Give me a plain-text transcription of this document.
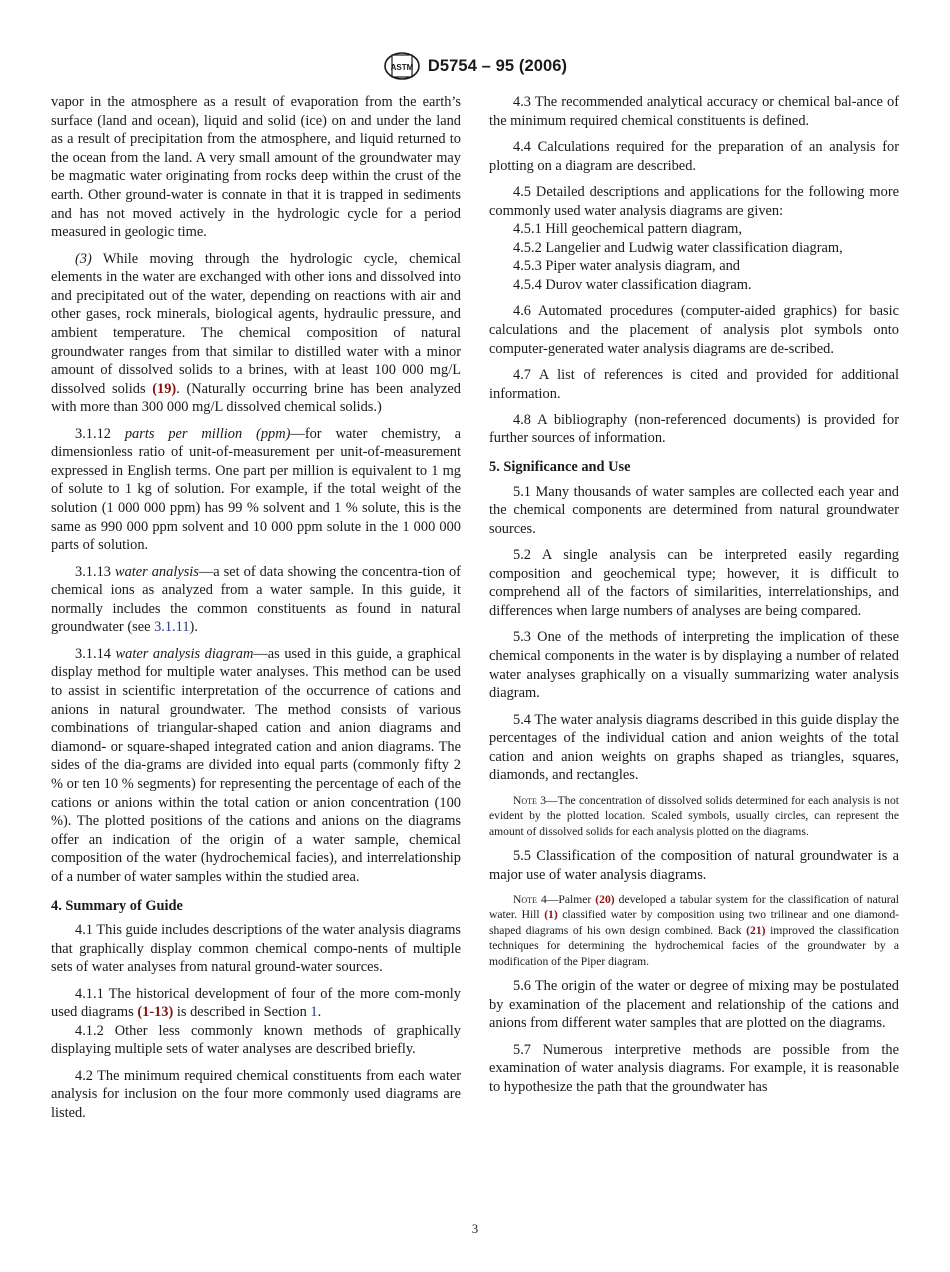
ASTM D5754 – 95 (2006)

vapor in the atmosphere as a result of evaporation from the earth’s surface (land and ocean), liquid and solid (ice) on and under the land as a result of precipitation from the atmosphere, and liquid returned to the ocean from the land. A very small amount of the groundwater may be magmatic water originating from rocks deep within the crust of the earth. Other ground-water is connate in that it is trapped in sediments and has not moved actively in the hydrologic cycle for a period measured in geologic time.

(3) While moving through the hydrologic cycle, chemical elements in the water are exchanged with other ions and dissolved into and precipitated out of the water, depending on reactions with air and other gases, rock minerals, biological agents, hydraulic pressure, and ambient temperature. The chemical composition of natural groundwater ranges from that similar to distilled water with a minor amount of dissolved solids to a brines, with at least 100 000 mg/L dissolved solids (19). (Naturally occurring brine has been analyzed with more than 300 000 mg/L dissolved chemical solids.)

3.1.12 parts per million (ppm)—for water chemistry, a dimensionless ratio of unit-of-measurement per unit-of-measurement expressed in English terms. One part per million is equivalent to 1 mg of solute to 1 kg of solution. For example, if the total weight of the solution (1 000 000 ppm) has 99 % solvent and 1 % solute, this is the same as 990 000 ppm solvent and 10 000 ppm solute in the 1 000 000 parts of solution.

3.1.13 water analysis—a set of data showing the concentra-tion of chemical ions as analyzed from a water sample. In this guide, it normally includes the common constituents as found in natural groundwater (see 3.1.11).

3.1.14 water analysis diagram—as used in this guide, a graphical display method for multiple water analyses. This method can be used to assist in scientific interpretation of the occurrence of cations and anions in natural groundwater. The method consists of various combinations of triangular-shaped cation and anion diagrams and diamond- or square-shaped integrated cation and anion diagrams. The sides of the dia-grams are divided into equal parts (commonly fifty 2 % or ten 10 % segments) for representing the percentage of each of the cations or anions within the total cation or anion concentration (100 %). The plotted positions of the cations and anions on the diagrams offer an indication of the origin of a water sample, chemical composition of the water (hydrochemical facies), and interrelationship of a number of water samples within the studied area.

4. Summary of Guide

4.1 This guide includes descriptions of the water analysis diagrams that graphically display common chemical compo-nents of multiple sets of water analyses from natural ground-water sources.

4.1.1 The historical development of four of the more com-monly used diagrams (1-13) is described in Section 1.

4.1.2 Other less commonly known methods of graphically displaying multiple sets of water analyses are described briefly.

4.2 The minimum required chemical constituents from each water analysis for inclusion on the four more commonly used diagrams are listed.

4.3 The recommended analytical accuracy or chemical bal-ance of the minimum required chemical constituents is defined.

4.4 Calculations required for the preparation of an analysis for plotting on a diagram are described.

4.5 Detailed descriptions and applications for the following more commonly used water analysis diagrams are given:

4.5.1 Hill geochemical pattern diagram,

4.5.2 Langelier and Ludwig water classification diagram,

4.5.3 Piper water analysis diagram, and

4.5.4 Durov water classification diagram.

4.6 Automated procedures (computer-aided graphics) for basic calculations and the placement of analysis plot symbols onto computer-generated water analysis diagrams are de-scribed.

4.7 A list of references is cited and provided for additional information.

4.8 A bibliography (non-referenced documents) is provided for further sources of information.

5. Significance and Use

5.1 Many thousands of water samples are collected each year and the chemical components are determined from natural groundwater sources.

5.2 A single analysis can be interpreted easily regarding composition and geochemical type; however, it is difficult to comprehend all of the factors of similarities, interrelationships, and differences when large numbers of analyses are being compared.

5.3 One of the methods of interpreting the implication of these chemical components in the water is by displaying a number of related water analyses graphically on a visually summarizing water analysis diagram.

5.4 The water analysis diagrams described in this guide display the percentages of the individual cation and anion weights of the total cation and anion weights on graphs shaped as triangles, squares, diamonds, and rectangles.

Note 3—The concentration of dissolved solids determined for each analysis is not evident by the plotted location. Scaled symbols, usually circles, can represent the amount of dissolved solids for each analysis plotted on the diagrams.

5.5 Classification of the composition of natural groundwater is a major use of water analysis diagrams.

Note 4—Palmer (20) developed a tabular system for the classification of natural water. Hill (1) classified water by composition using two trilinear and one diamond-shaped diagrams of his own design combined. Back (21) improved the classification techniques for determining the hydrochemical facies of the groundwater by a modification of the Piper diagram.

5.6 The origin of the water or degree of mixing may be postulated by examination of the placement and relationship of the cations and anions from different water samples that are plotted on the diagrams.

5.7 Numerous interpretive methods are possible from the examination of water analysis diagrams. For example, it is reasonable to hypothesize the path that the groundwater has

3
